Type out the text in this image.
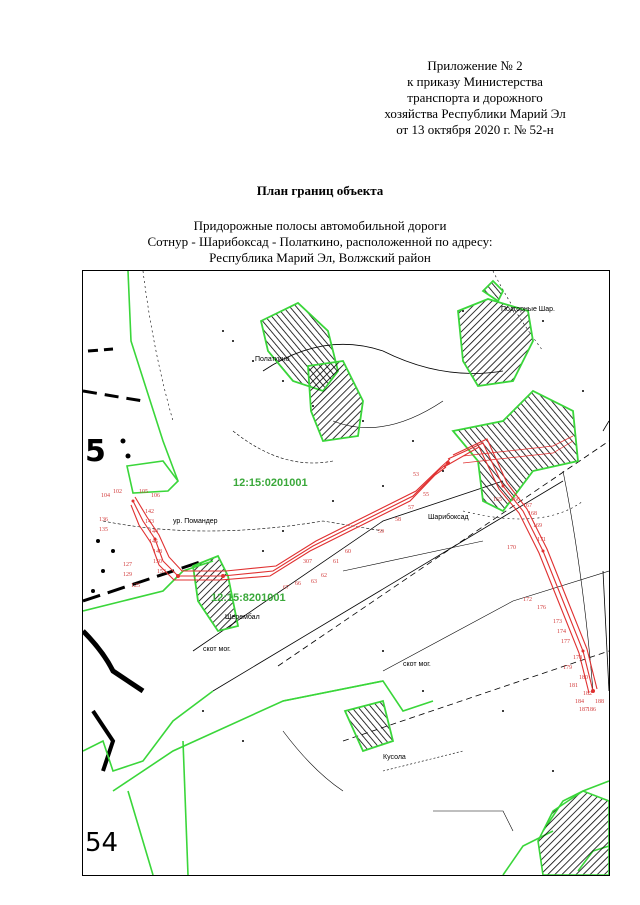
Приложение № 2
к приказу Министерства
транспорта и дорожного
хозяйства Республики Марий Эл
от 13 октября 2020 г. № 52-н
План границ объекта
Придорожные полосы автомобильной дороги
Сотнур - Шарибоксад - Полаткино, расположенной по адресу:
Республика Марий Эл, Волжский район
12:15:0201001
12:15:8201001
Полаткино
Подгорные Шар.
Шарибоксад
Шерембал
Кусола
ур. Помандер
скот мог.
скот мог.
5
54
104
102	105
106
136
135
142
143
144
145
148
150
153
127
129
125
307
53
55
57
58
59
60
61
62
63
66
67
165 166
167
168
169
170
171
172
173
174
176
177
178
179
180
181
182
184
186
187
188
